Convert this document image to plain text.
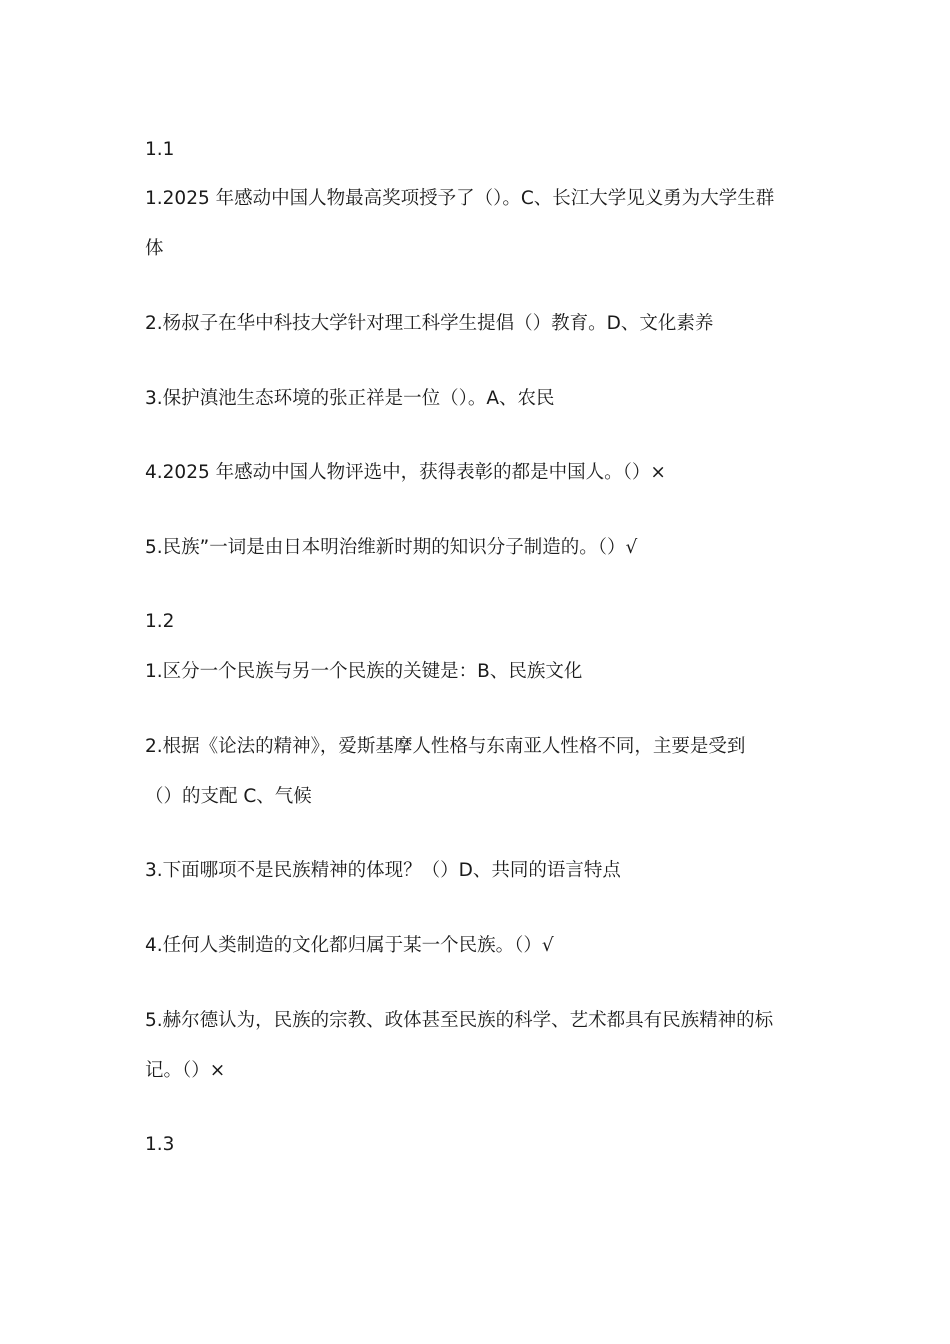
1.1
1.2025 年感动中国人物最高奖项授予了（）。C、长江大学见义勇为大学生群
体
2.杨叔子在华中科技大学针对理工科学生提倡（）教育。D、文化素养
3.保护滇池生态环境的张正祥是一位（）。A、农民
4.2025 年感动中国人物评选中，获得表彰的都是中国人。（）×
5.民族”一词是由日本明治维新时期的知识分子制造的。（）√
1.2
1.区分一个民族与另一个民族的关键是：B、民族文化
2.根据《论法的精神》，爱斯基摩人性格与东南亚人性格不同，主要是受到
（）的支配 C、气候
3.下面哪项不是民族精神的体现？（）D、共同的语言特点
4.任何人类制造的文化都归属于某一个民族。（）√
5.赫尔德认为，民族的宗教、政体甚至民族的科学、艺术都具有民族精神的标
记。（）×
1.3
